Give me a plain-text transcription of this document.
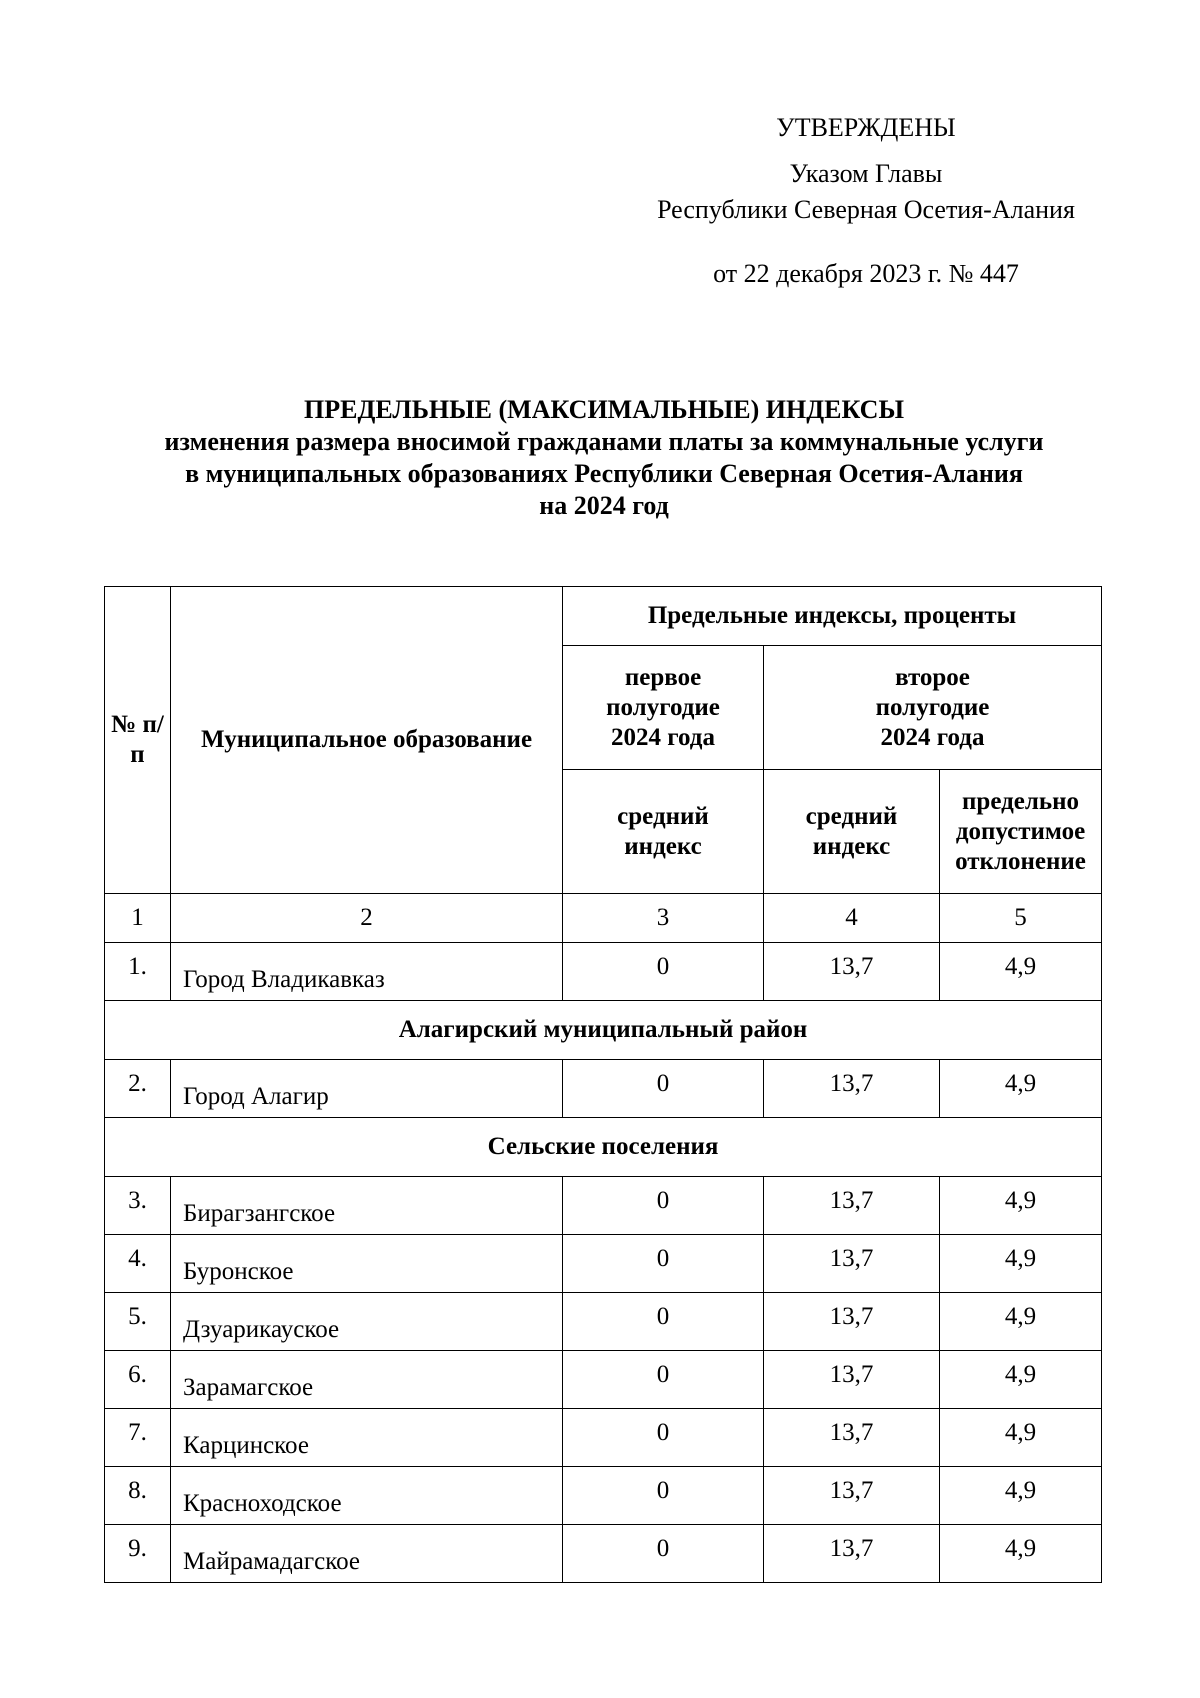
УТВЕРЖДЕНЫ
Указом Главы
Республики Северная Осетия-Алания
от 22 декабря 2023 г. № 447
ПРЕДЕЛЬНЫЕ (МАКСИМАЛЬНЫЕ) ИНДЕКСЫ
изменения размера вносимой гражданами платы за коммунальные услуги
в муниципальных образованиях Республики Северная Осетия-Алания
на 2024 год
№ п/п	Муниципальное образование	Предельные индексы, проценты		

		первое полугодие 2024 года	второе полугодие 2024 года	

		средний индекс	средний индекс	предельно допустимое отклонение

1	2	3	4	5
1.	Город Владикавказ	0	13,7	4,9
Алагирский муниципальный район				
2.	Город Алагир	0	13,7	4,9
Сельские поселения				
3.	Бирагзангское	0	13,7	4,9
4.	Буронское	0	13,7	4,9
5.	Дзуарикауское	0	13,7	4,9
6.	Зарамагское	0	13,7	4,9
7.	Карцинское	0	13,7	4,9
8.	Красноходское	0	13,7	4,9
9.	Майрамадагское	0	13,7	4,9
